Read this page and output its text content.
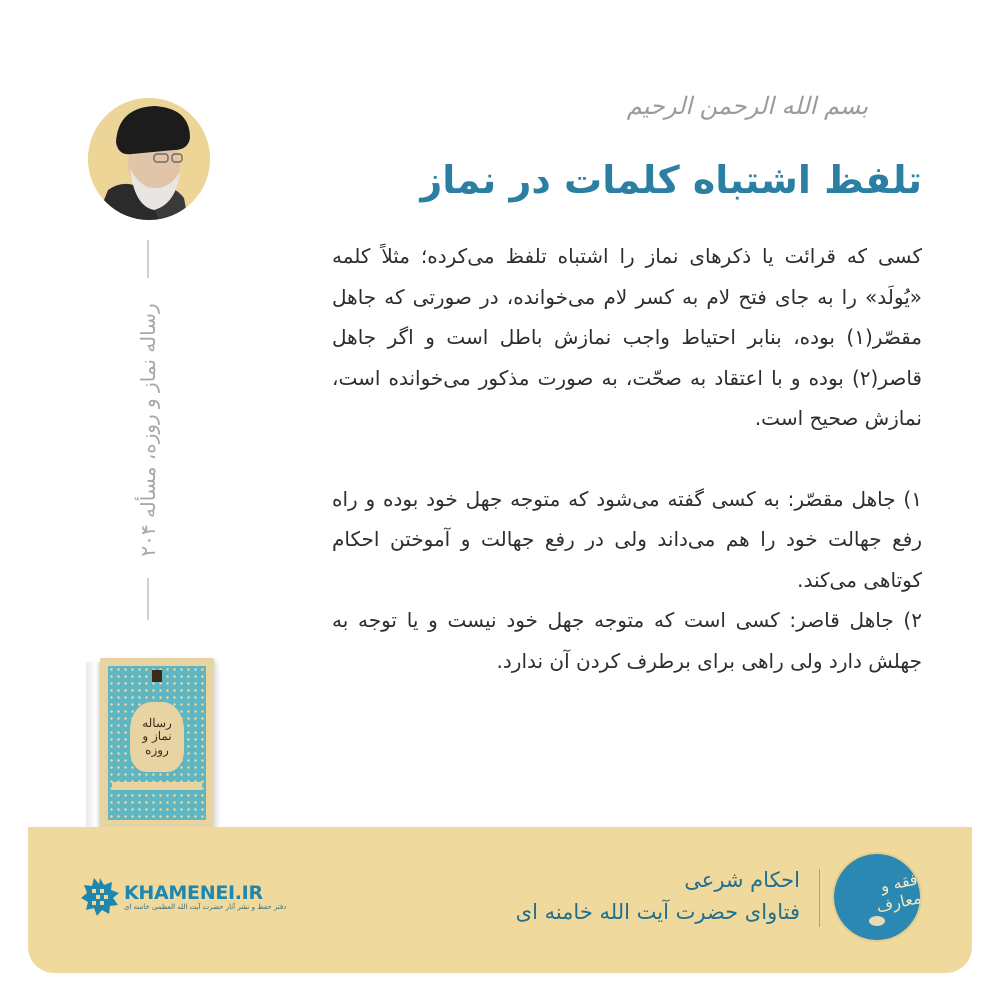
رساله نماز و روزه، مسأله ۲۰۴
رساله
نماز و
روزه
بسم الله الرحمن الرحیم
تلفظ اشتباه کلمات در نماز

کسی که قرائت یا ذکرهای نماز را اشتباه تلفظ می‌کرده؛ مثلاً کلمه «یُولَد» را به جای فتح لام به کسر لام می‌خوانده، در صورتی که جاهل مقصّر(۱) بوده، بنابر احتیاط واجب نمازش باطل است و اگر جاهل قاصر(۲) بوده و با اعتقاد به صحّت، به صورت مذکور می‌خوانده است، نمازش صحیح است.

۱) جاهل مقصّر: به کسی گفته می‌شود که متوجه جهل خود بوده و راه رفع جهالت خود را هم می‌داند ولی در رفع جهالت و آموختن احکام کوتاهی می‌کند.

۲) جاهل قاصر: کسی است که متوجه جهل خود نیست و یا توجه به جهلش دارد ولی راهی برای برطرف کردن آن ندارد.

فقه و معارف
احکام شرعی
فتاوای حضرت آیت الله خامنه ای
KHAMENEI.IR
دفتر حفظ و نشر آثار حضرت آیت الله العظمی خامنه ای
